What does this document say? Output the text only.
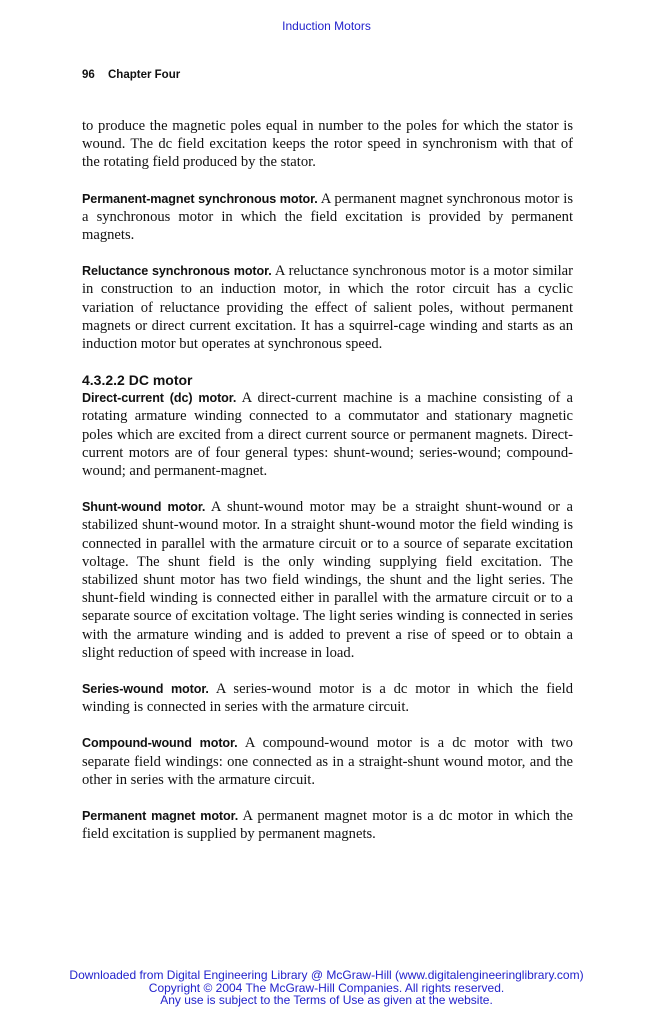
Induction Motors
96 Chapter Four

to produce the magnetic poles equal in number to the poles for which the stator is wound. The dc field excitation keeps the rotor speed in synchronism with that of the rotating field produced by the stator.

Permanent-magnet synchronous motor. A permanent magnet synchronous motor is a synchronous motor in which the field excitation is provided by permanent magnets.

Reluctance synchronous motor. A reluctance synchronous motor is a motor similar in construction to an induction motor, in which the rotor circuit has a cyclic variation of reluctance providing the effect of salient poles, without permanent magnets or direct current excitation. It has a squirrel-cage winding and starts as an induction motor but operates at synchronous speed.

4.3.2.2 DC motor

Direct-current (dc) motor. A direct-current machine is a machine consisting of a rotating armature winding connected to a commutator and stationary magnetic poles which are excited from a direct current source or permanent magnets. Direct-current motors are of four general types: shunt-wound; series-wound; compound-wound; and permanent-magnet.

Shunt-wound motor. A shunt-wound motor may be a straight shunt-wound or a stabilized shunt-wound motor. In a straight shunt-wound motor the field winding is connected in parallel with the armature circuit or to a source of separate excitation voltage. The shunt field is the only winding supplying field excitation. The stabilized shunt motor has two field windings, the shunt and the light series. The shunt-field winding is connected either in parallel with the armature circuit or to a separate source of excitation voltage. The light series winding is connected in series with the armature winding and is added to prevent a rise of speed or to obtain a slight reduction of speed with increase in load.

Series-wound motor. A series-wound motor is a dc motor in which the field winding is connected in series with the armature circuit.

Compound-wound motor. A compound-wound motor is a dc motor with two separate field windings: one connected as in a straight-shunt wound motor, and the other in series with the armature circuit.

Permanent magnet motor. A permanent magnet motor is a dc motor in which the field excitation is supplied by permanent magnets.

Downloaded from Digital Engineering Library @ McGraw-Hill (www.digitalengineeringlibrary.com)
Copyright © 2004 The McGraw-Hill Companies. All rights reserved.
Any use is subject to the Terms of Use as given at the website.
